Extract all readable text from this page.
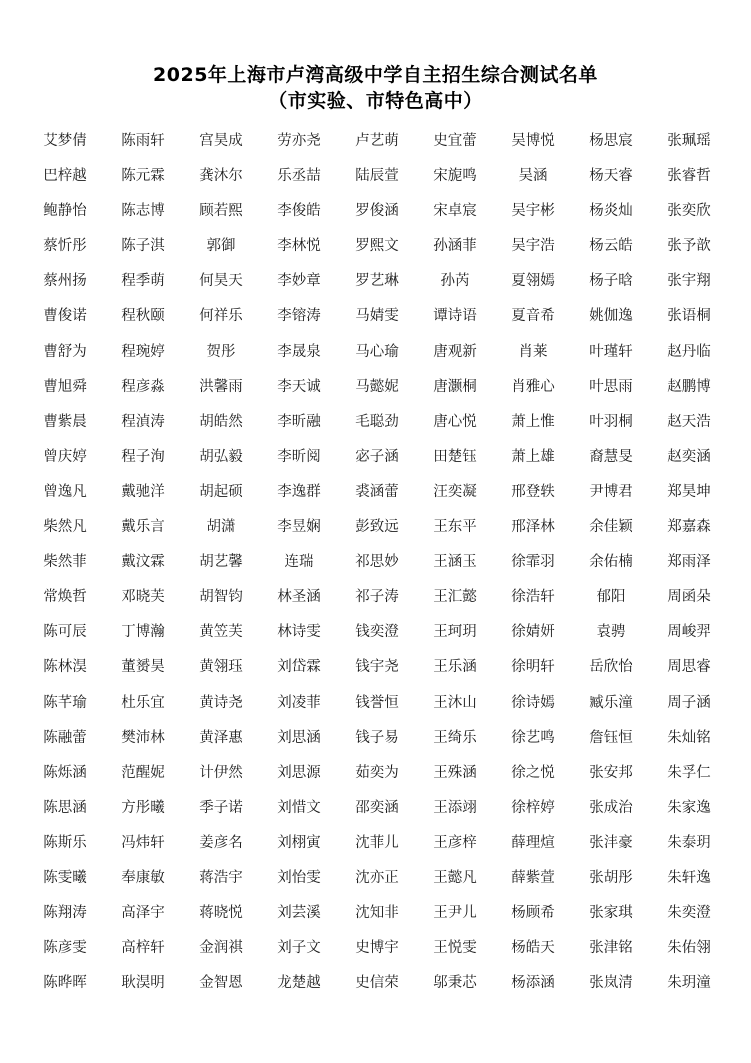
2025年上海市卢湾高级中学自主招生综合测试名单
（市实验、市特色高中）
艾梦倩	陈雨轩	宫昊成	劳亦尧	卢艺萌	史宜蕾	吴博悦	杨思宸	张珮瑶
巴梓越	陈元霖	龚沐尔	乐丞喆	陆辰萱	宋旎鸣	吴涵	杨天睿	张睿哲
鲍静怡	陈志博	顾若熙	李俊皓	罗俊涵	宋卓宸	吴宇彬	杨炎灿	张奕欣
蔡忻彤	陈子淇	郭御	李林悦	罗熙文	孙涵菲	吴宇浩	杨云皓	张予歆
蔡州扬	程季萌	何昊天	李妙章	罗艺琳	孙芮	夏翎嫣	杨子晗	张宇翔
曹俊诺	程秋颐	何祥乐	李镕涛	马婧雯	谭诗语	夏音希	姚伽逸	张语桐
曹舒为	程琬婷	贺彤	李晟泉	马心瑜	唐观新	肖莱	叶瑾轩	赵丹临
曹旭舜	程彦淼	洪馨雨	李天诚	马懿妮	唐灏桐	肖雅心	叶思雨	赵鹏博
曹紫晨	程湞涛	胡皓然	李昕融	毛聪劲	唐心悦	萧上惟	叶羽桐	赵天浩
曾庆婷	程子洵	胡弘毅	李昕阅	宓子涵	田楚钰	萧上雄	裔慧旻	赵奕涵
曾逸凡	戴驰洋	胡起硕	李逸群	裘涵蕾	汪奕凝	邢登轶	尹博君	郑昊坤
柴然凡	戴乐言	胡潇	李昱娴	彭致远	王东平	邢泽林	余佳颖	郑嘉森
柴然菲	戴汶霖	胡艺馨	连瑞	祁思妙	王涵玉	徐霏羽	余佑楠	郑雨泽
常焕哲	邓晓芙	胡智钧	林圣涵	祁子涛	王汇懿	徐浩轩	郁阳	周函朵
陈可辰	丁博瀚	黄笠芙	林诗雯	钱奕澄	王珂玥	徐婧妍	袁骋	周峻羿
陈林淏	董赟昊	黄翎珏	刘岱霖	钱宇尧	王乐涵	徐明轩	岳欣怡	周思睿
陈芊瑜	杜乐宜	黄诗尧	刘凌菲	钱誉恒	王沐山	徐诗嫣	臧乐潼	周子涵
陈融蕾	樊沛林	黄泽惠	刘思涵	钱子易	王绮乐	徐艺鸣	詹钰恒	朱灿铭
陈烁涵	范醒妮	计伊然	刘思源	茹奕为	王殊涵	徐之悦	张安邦	朱孚仁
陈思涵	方彤曦	季子诺	刘惜文	邵奕涵	王添翊	徐梓婷	张成治	朱家逸
陈斯乐	冯炜轩	姜彦名	刘栩寅	沈菲儿	王彦梓	薛理煊	张沣豪	朱泰玥
陈雯曦	奉康敏	蒋浩宇	刘怡雯	沈亦正	王懿凡	薛紫萱	张胡彤	朱轩逸
陈翔涛	高泽宇	蒋晓悦	刘芸溪	沈知非	王尹儿	杨顾希	张家琪	朱奕澄
陈彦雯	高梓轩	金润祺	刘子文	史博宇	王悦雯	杨皓天	张津铭	朱佑翎
陈晔晖	耿淏明	金智恩	龙楚越	史信荣	邬秉芯	杨添涵	张岚清	朱玥潼
